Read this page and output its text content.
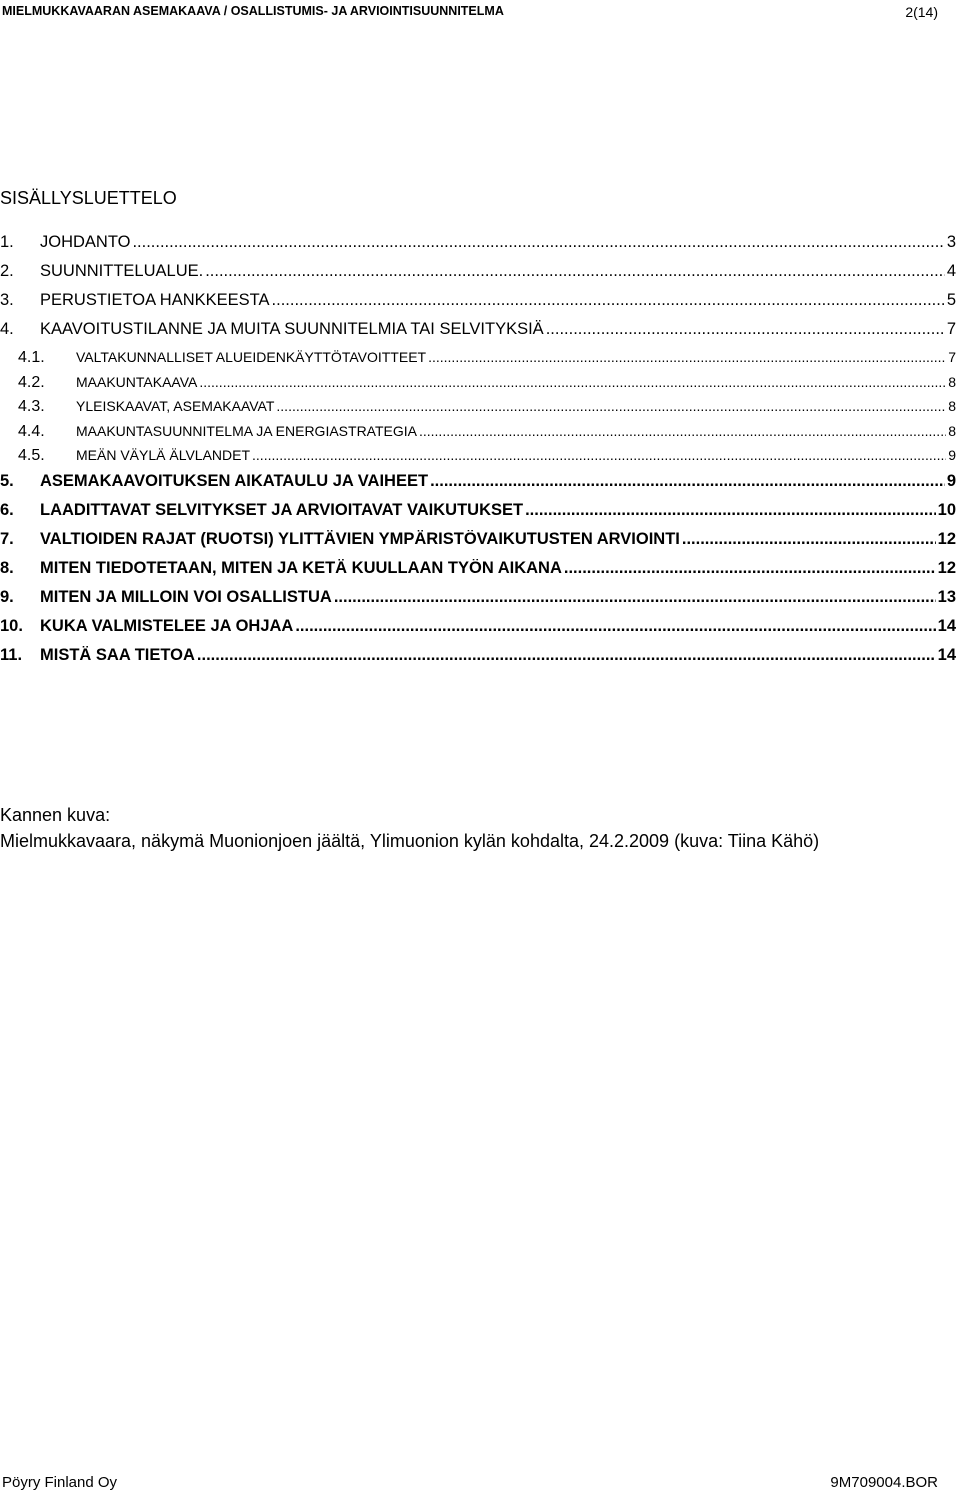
MIELMUKKAVAARAN ASEMAKAAVA / OSALLISTUMIS- JA ARVIOINTISUUNNITELMA	2(14)
SISÄLLYSLUETTELO
1.	JOHDANTO .....	3
2.	SUUNNITTELUALUE. .....	4
3.	PERUSTIETOA HANKKEESTA .....	5
4.	KAAVOITUSTILANNE JA MUITA SUUNNITELMIA TAI SELVITYKSIÄ .....	7
4.1.	VALTAKUNNALLISET ALUEIDENKÄYTTÖTAVOITTEET .....	7
4.2.	MAAKUNTAKAAVA .....	8
4.3.	YLEISKAAVAT, ASEMAKAAVAT .....	8
4.4.	MAAKUNTASUUNNITELMA JA ENERGIASTRATEGIA .....	8
4.5.	MEÄN VÄYLÄ ÄLVLANDET .....	9
5.	ASEMAKAAVOITUKSEN AIKATAULU JA VAIHEET .....	9
6.	LAADITTAVAT SELVITYKSET JA ARVIOITAVAT VAIKUTUKSET .....	10
7.	VALTIOIDEN RAJAT (RUOTSI) YLITTÄVIEN YMPÄRISTÖVAIKUTUSTEN ARVIOINTI .....	12
8.	MITEN TIEDOTETAAN, MITEN JA KETÄ KUULLAAN TYÖN AIKANA .....	12
9.	MITEN JA MILLOIN VOI OSALLISTUA .....	13
10.	KUKA VALMISTELEE JA OHJAA .....	14
11.	MISTÄ SAA TIETOA .....	14
Kannen kuva:
Mielmukkavaara, näkymä Muonionjoen jäältä, Ylimuonion kylän kohdalta, 24.2.2009 (kuva: Tiina Kähö)
Pöyry Finland Oy	9M709004.BOR
